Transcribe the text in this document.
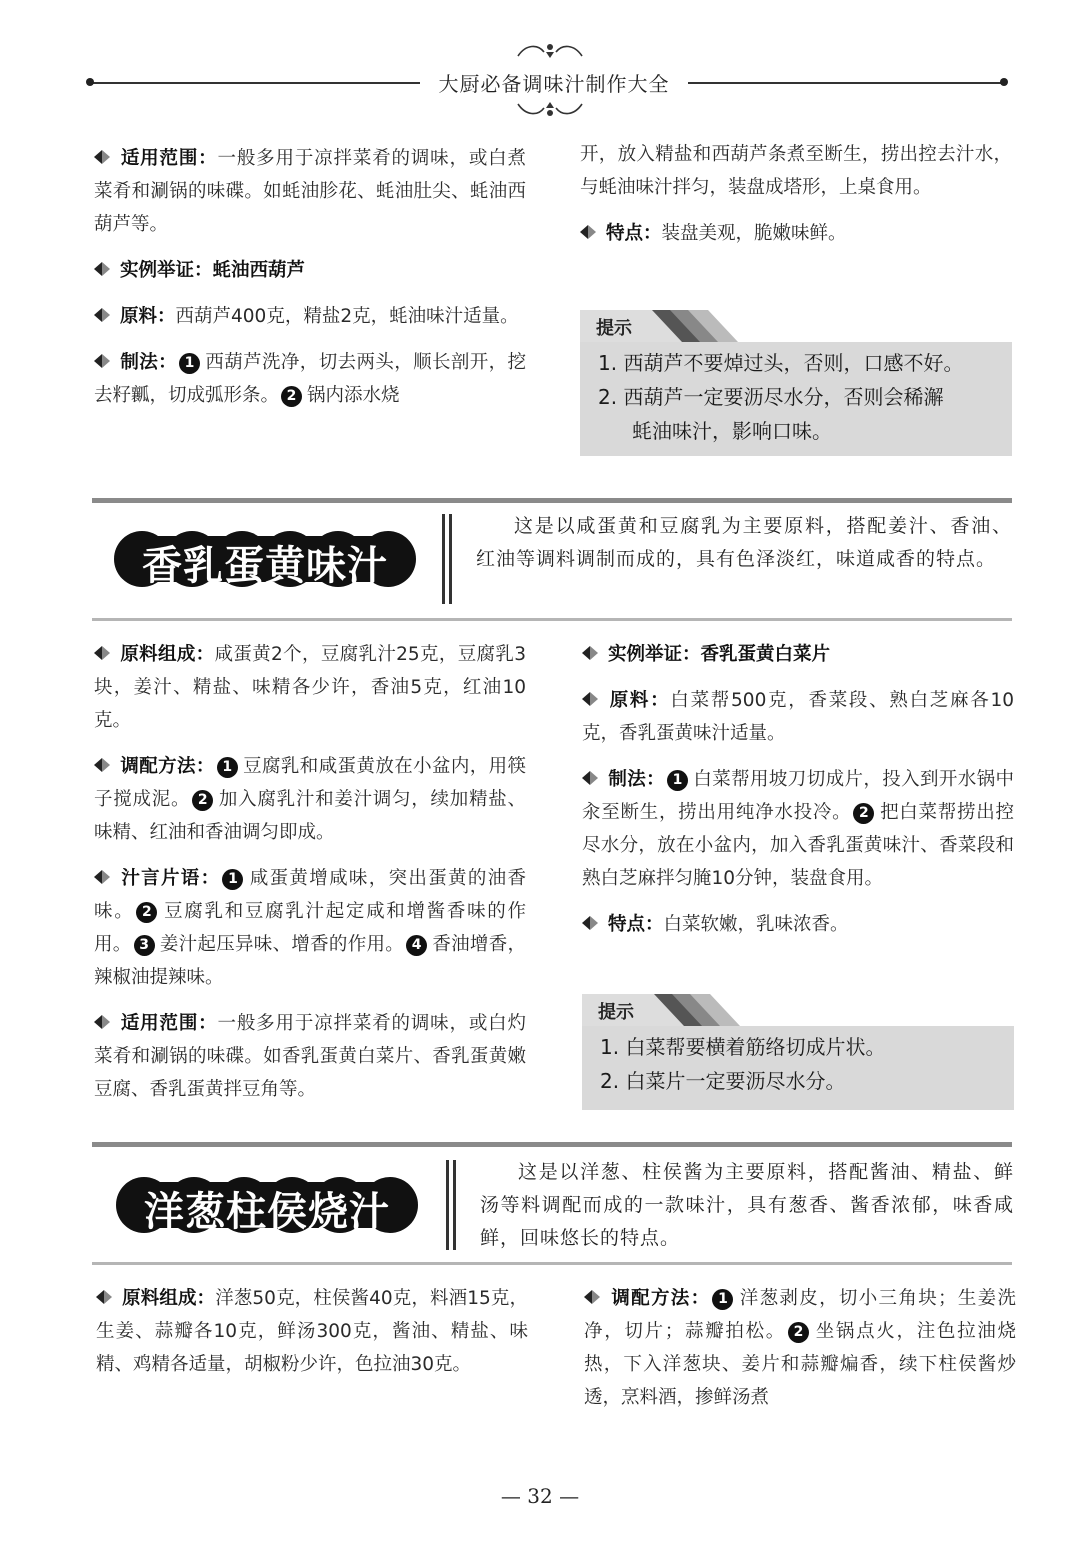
大厨必备调味汁制作大全

适用范围：一般多用于凉拌菜肴的调味，或白煮菜肴和涮锅的味碟。如蚝油胗花、蚝油肚尖、蚝油西葫芦等。

实例举证：蚝油西葫芦

原料：西葫芦400克，精盐2克，蚝油味汁适量。

制法： 1 西葫芦洗净，切去两头，顺长剖开，挖去籽瓤，切成弧形条。 2 锅内添水烧

开，放入精盐和西葫芦条煮至断生，捞出控去汁水，与蚝油味汁拌匀，装盘成塔形，上桌食用。

特点：装盘美观，脆嫩味鲜。

提示
1. 西葫芦不要焯过头，否则，口感不好。
2. 西葫芦一定要沥尽水分，否则会稀澥
蚝油味汁，影响口味。
香乳蛋黄味汁

这是以咸蛋黄和豆腐乳为主要原料，搭配姜汁、香油、红油等调料调制而成的，具有色泽淡红，味道咸香的特点。

原料组成：咸蛋黄2个，豆腐乳汁25克，豆腐乳3块，姜汁、精盐、味精各少许，香油5克，红油10克。

调配方法： 1 豆腐乳和咸蛋黄放在小盆内，用筷子搅成泥。 2 加入腐乳汁和姜汁调匀，续加精盐、味精、红油和香油调匀即成。

汁言片语： 1 咸蛋黄增咸味，突出蛋黄的油香味。 2 豆腐乳和豆腐乳汁起定咸和增酱香味的作用。 3 姜汁起压异味、增香的作用。 4 香油增香，辣椒油提辣味。

适用范围：一般多用于凉拌菜肴的调味，或白灼菜肴和涮锅的味碟。如香乳蛋黄白菜片、香乳蛋黄嫩豆腐、香乳蛋黄拌豆角等。

实例举证：香乳蛋黄白菜片

原料：白菜帮500克，香菜段、熟白芝麻各10克，香乳蛋黄味汁适量。

制法： 1 白菜帮用坡刀切成片，投入到开水锅中汆至断生，捞出用纯净水投冷。 2 把白菜帮捞出控尽水分，放在小盆内，加入香乳蛋黄味汁、香菜段和熟白芝麻拌匀腌10分钟，装盘食用。

特点：白菜软嫩，乳味浓香。

提示
1. 白菜帮要横着筋络切成片状。
2. 白菜片一定要沥尽水分。
洋葱柱侯烧汁

这是以洋葱、柱侯酱为主要原料，搭配酱油、精盐、鲜汤等料调配而成的一款味汁，具有葱香、酱香浓郁，味香咸鲜，回味悠长的特点。

原料组成：洋葱50克，柱侯酱40克，料酒15克，生姜、蒜瓣各10克，鲜汤300克，酱油、精盐、味精、鸡精各适量，胡椒粉少许，色拉油30克。

调配方法： 1 洋葱剥皮，切小三角块；生姜洗净，切片；蒜瓣拍松。 2 坐锅点火，注色拉油烧热，下入洋葱块、姜片和蒜瓣煸香，续下柱侯酱炒透，烹料酒，掺鲜汤煮

— 32 —
